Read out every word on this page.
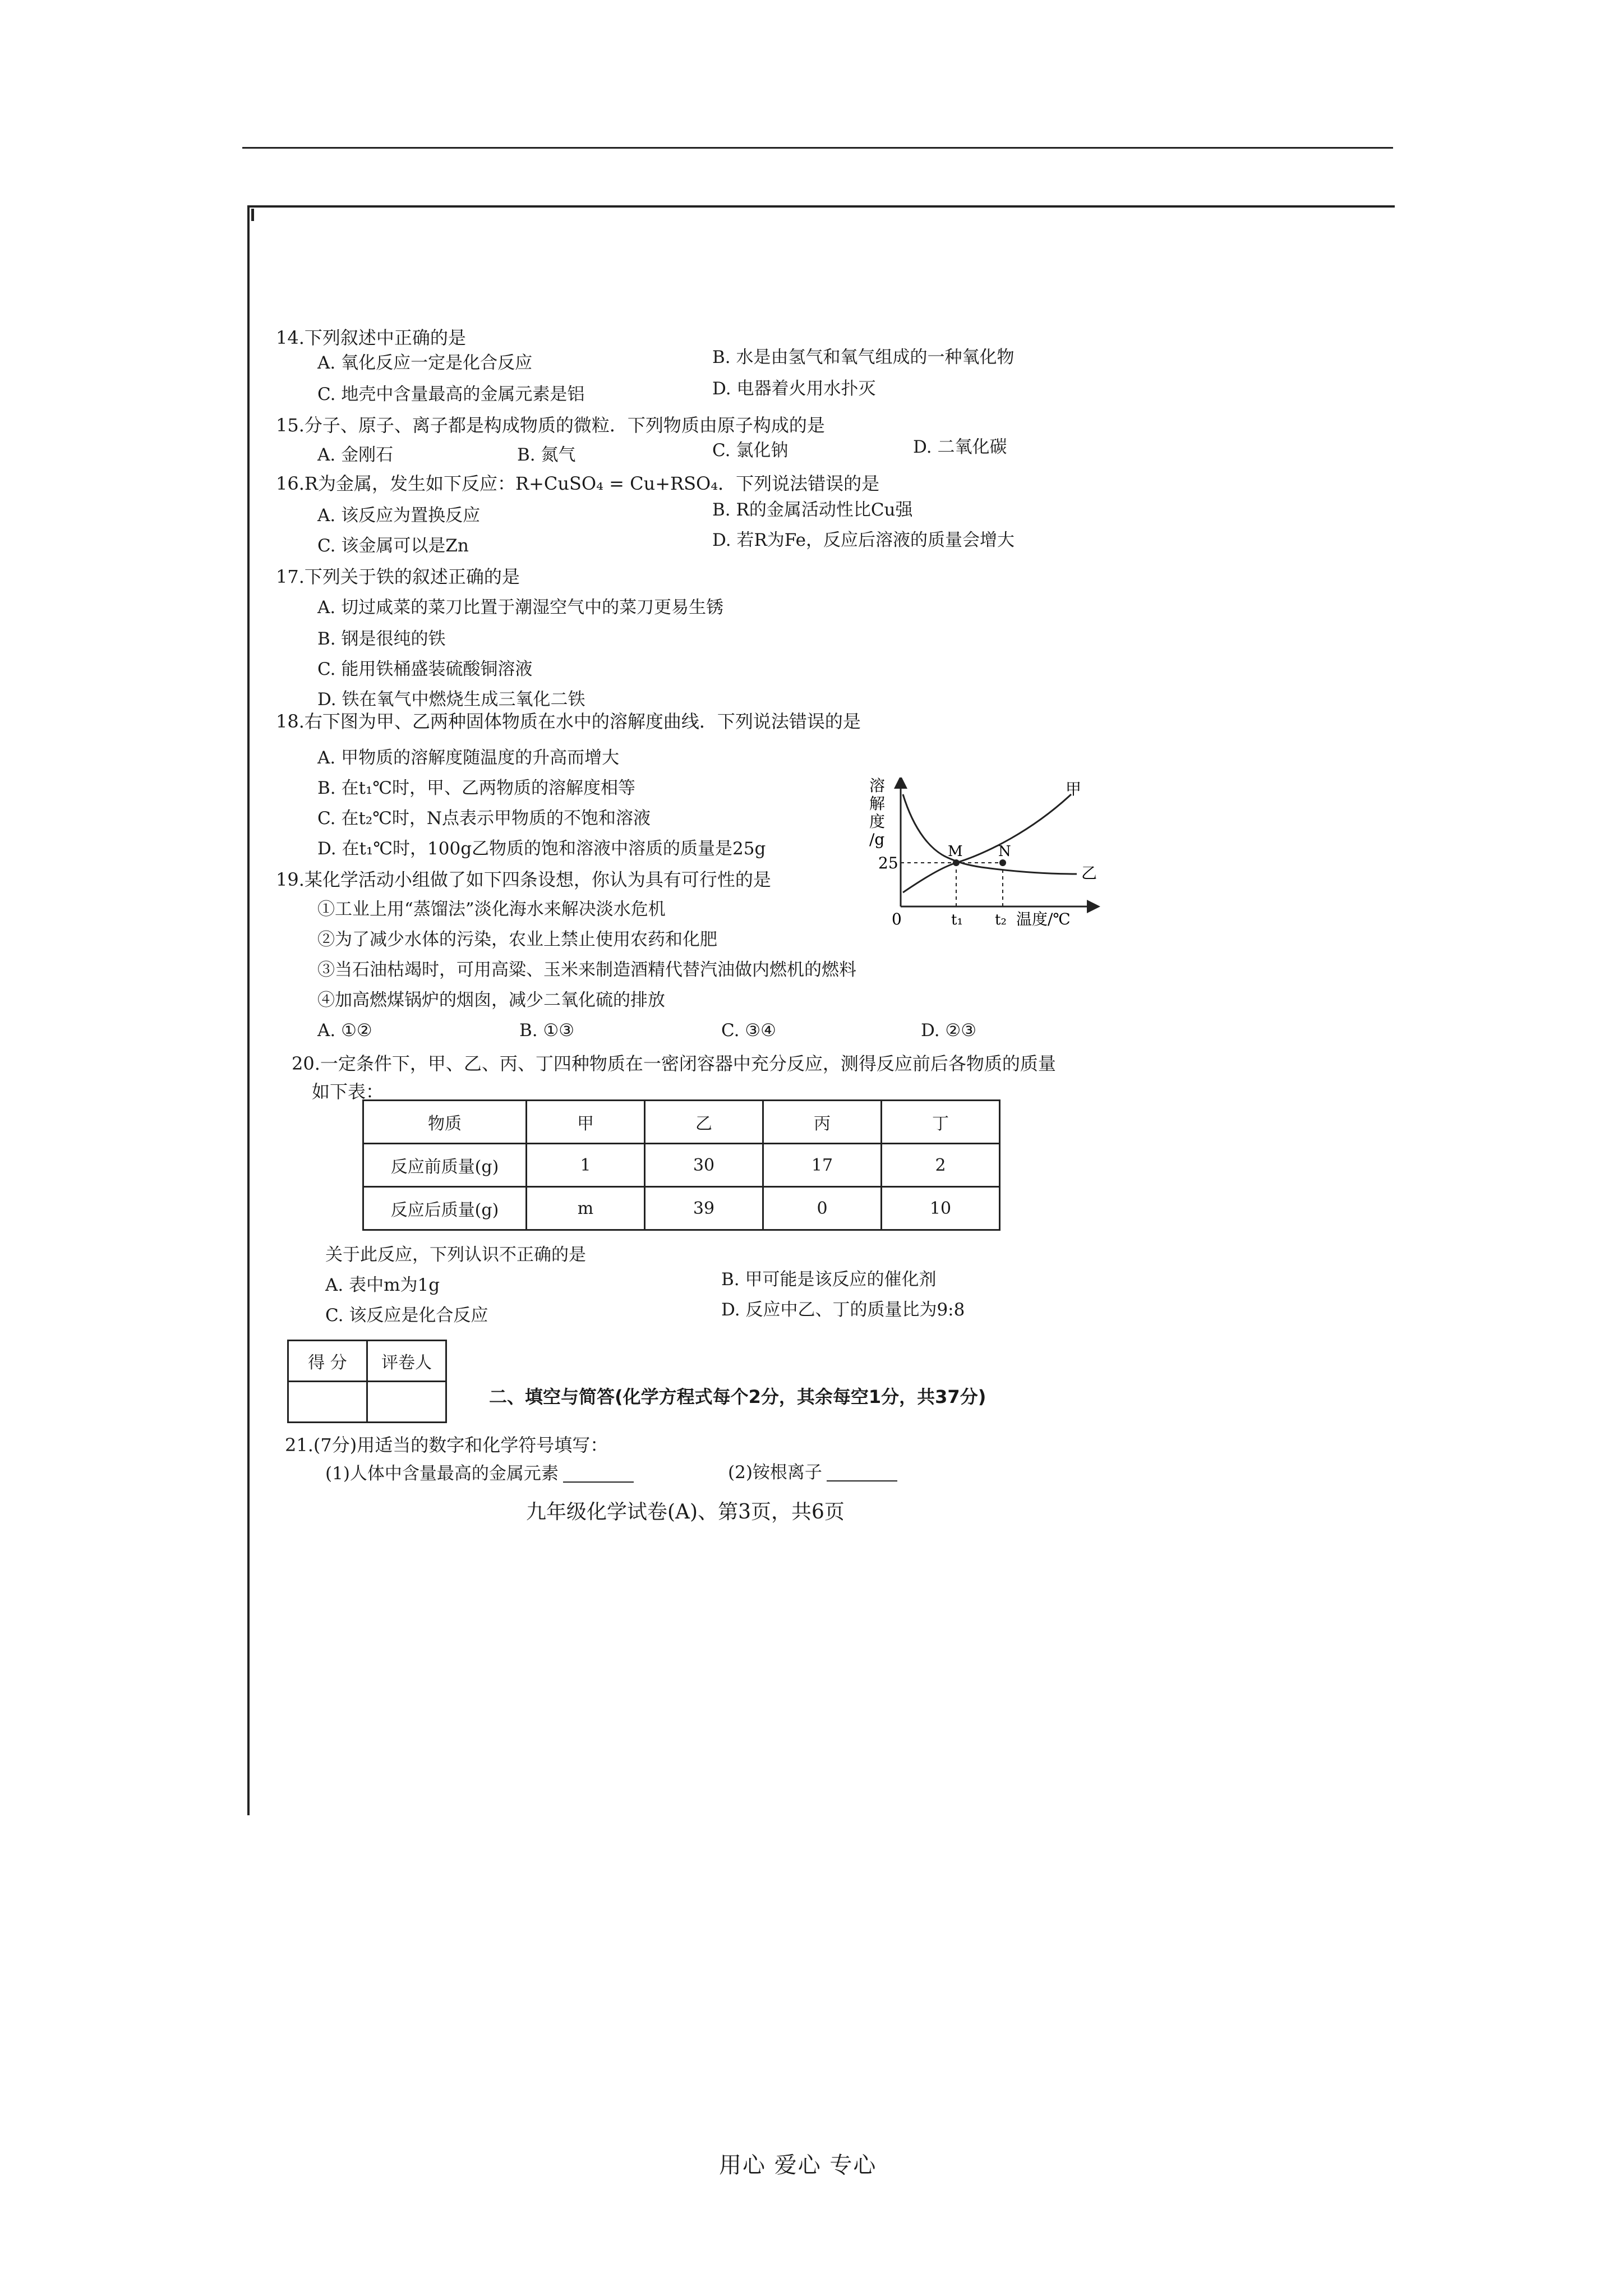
14.下列叙述中正确的是
A. 氧化反应一定是化合反应	B. 水是由氢气和氧气组成的一种氧化物
C. 地壳中含量最高的金属元素是铝	D. 电器着火用水扑灭
15.分子、原子、离子都是构成物质的微粒．下列物质由原子构成的是
A. 金刚石	B. 氮气	C. 氯化钠	D. 二氧化碳
16.R为金属，发生如下反应：R+CuSO₄ = Cu+RSO₄．下列说法错误的是
A. 该反应为置换反应	B. R的金属活动性比Cu强
C. 该金属可以是Zn	D. 若R为Fe，反应后溶液的质量会增大
17.下列关于铁的叙述正确的是
A. 切过咸菜的菜刀比置于潮湿空气中的菜刀更易生锈
B. 钢是很纯的铁
C. 能用铁桶盛装硫酸铜溶液
D. 铁在氧气中燃烧生成三氧化二铁
18.右下图为甲、乙两种固体物质在水中的溶解度曲线．下列说法错误的是
A. 甲物质的溶解度随温度的升高而增大
B. 在t₁℃时，甲、乙两物质的溶解度相等
C. 在t₂℃时，N点表示甲物质的不饱和溶液
D. 在t₁℃时，100g乙物质的饱和溶液中溶质的质量是25g
溶
解
度
/g
甲
乙
M N
25
0	t₁ t₂ 温度/℃
19.某化学活动小组做了如下四条设想，你认为具有可行性的是
①工业上用“蒸馏法”淡化海水来解决淡水危机
②为了减少水体的污染，农业上禁止使用农药和化肥
③当石油枯竭时，可用高粱、玉米来制造酒精代替汽油做内燃机的燃料
④加高燃煤锅炉的烟囱，减少二氧化硫的排放
A. ①②	B. ①③	C. ③④	D. ②③
20.一定条件下，甲、乙、丙、丁四种物质在一密闭容器中充分反应，测得反应前后各物质的质量
如下表：
物质	甲	乙	丙	丁
反应前质量(g)	1	30	17	2
反应后质量(g)	m	39	0	10
关于此反应，下列认识不正确的是
A. 表中m为1g	B. 甲可能是该反应的催化剂
C. 该反应是化合反应	D. 反应中乙、丁的质量比为9:8
得 分	评卷人

二、填空与简答(化学方程式每个2分，其余每空1分，共37分)
21.(7分)用适当的数字和化学符号填写：
(1)人体中含量最高的金属元素	(2)铵根离子
九年级化学试卷(A)、第3页，共6页
用心 爱心 专心
